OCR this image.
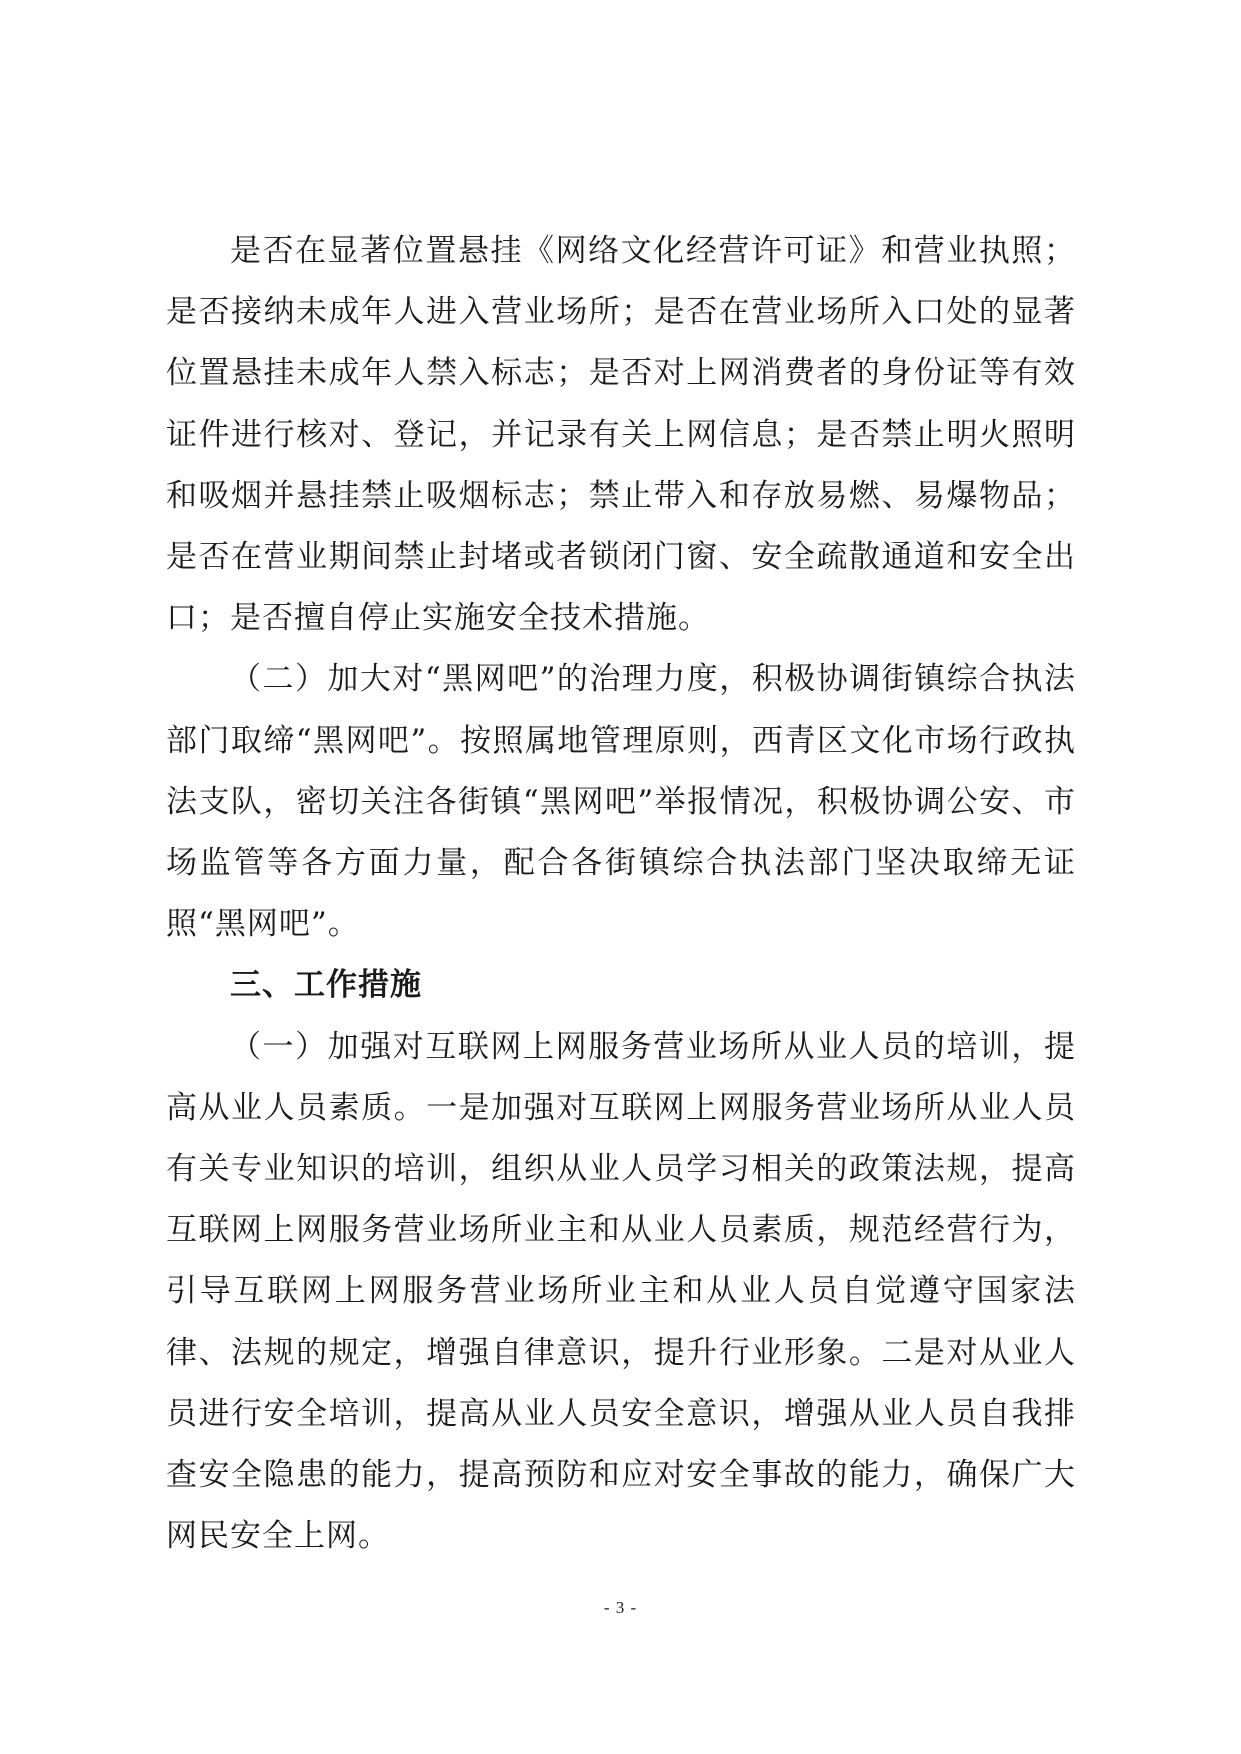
是否在显著位置悬挂《网络文化经营许可证》和营业执照；是否接纳未成年人进入营业场所；是否在营业场所入口处的显著位置悬挂未成年人禁入标志；是否对上网消费者的身份证等有效证件进行核对、登记，并记录有关上网信息；是否禁止明火照明和吸烟并悬挂禁止吸烟标志；禁止带入和存放易燃、易爆物品；是否在营业期间禁止封堵或者锁闭门窗、安全疏散通道和安全出口；是否擅自停止实施安全技术措施。

（二）加大对“黑网吧”的治理力度，积极协调街镇综合执法部门取缔“黑网吧”。按照属地管理原则，西青区文化市场行政执法支队，密切关注各街镇“黑网吧”举报情况，积极协调公安、市场监管等各方面力量，配合各街镇综合执法部门坚决取缔无证照“黑网吧”。

三、工作措施

（一）加强对互联网上网服务营业场所从业人员的培训，提高从业人员素质。一是加强对互联网上网服务营业场所从业人员有关专业知识的培训，组织从业人员学习相关的政策法规，提高互联网上网服务营业场所业主和从业人员素质，规范经营行为，引导互联网上网服务营业场所业主和从业人员自觉遵守国家法律、法规的规定，增强自律意识，提升行业形象。二是对从业人员进行安全培训，提高从业人员安全意识，增强从业人员自我排查安全隐患的能力，提高预防和应对安全事故的能力，确保广大网民安全上网。

- 3 -
